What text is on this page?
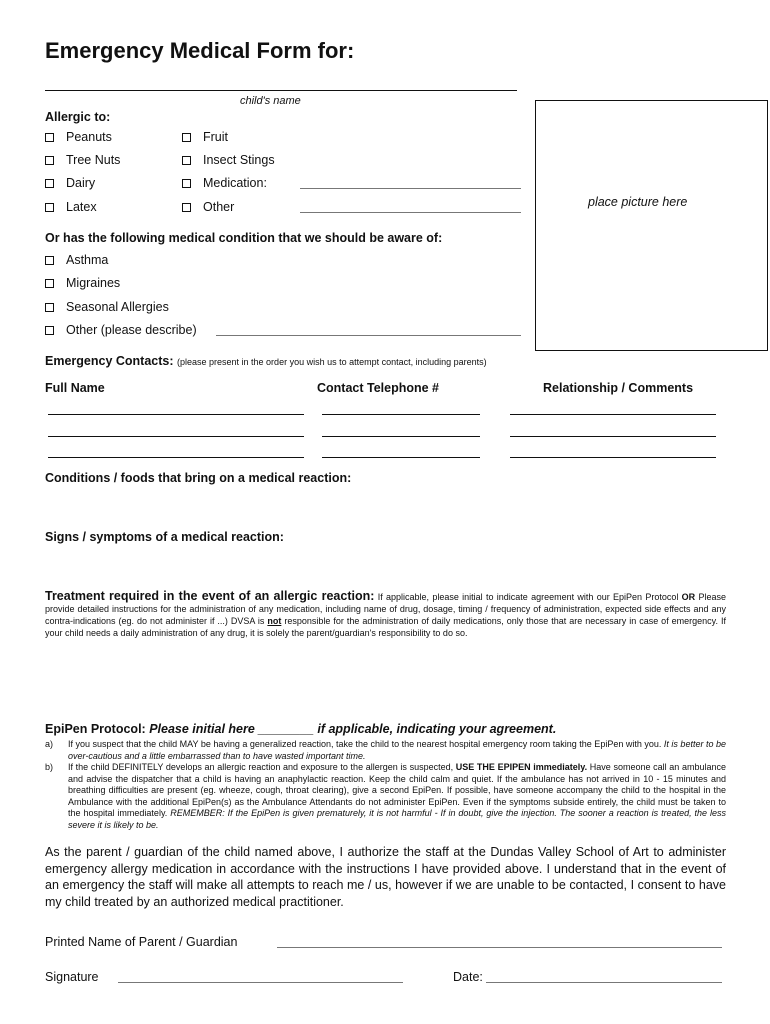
Emergency Medical Form for:
child's name
place picture here
Allergic to:
Peanuts
Tree Nuts
Dairy
Latex
Fruit
Insect Stings
Medication:
Other
Or has the following medical condition that we should be aware of:
Asthma
Migraines
Seasonal Allergies
Other (please describe)
Emergency Contacts: (please present in the order you wish us to attempt contact, including parents)
Full Name	Contact Telephone #	Relationship / Comments
Conditions / foods that bring on a medical reaction:
Signs / symptoms of a medical reaction:
Treatment required in the event of an allergic reaction: If applicable, please initial to indicate agreement with our EpiPen Protocol OR Please provide detailed instructions for the administration of any medication, including name of drug, dosage, timing / frequency of administration, expected side effects and any contra-indications (eg. do not administer if ...) DVSA is not responsible for the administration of daily medications, only those that are necessary in case of emergency. If your child needs a daily administration of any drug, it is solely the parent/guardian's responsibility to do so.
EpiPen Protocol: Please initial here ________ if applicable, indicating your agreement.
a) If you suspect that the child MAY be having a generalized reaction, take the child to the nearest hospital emergency room taking the EpiPen with you. It is better to be over-cautious and a little embarrassed than to have wasted important time.
b) If the child DEFINITELY develops an allergic reaction and exposure to the allergen is suspected, USE THE EPIPEN immediately. Have someone call an ambulance and advise the dispatcher that a child is having an anaphylactic reaction. Keep the child calm and quiet. If the ambulance has not arrived in 10 - 15 minutes and breathing difficulties are present (eg. wheeze, cough, throat clearing), give a second EpiPen. If possible, have someone accompany the child to the hospital in the Ambulance with the additional EpiPen(s) as the Ambulance Attendants do not administer EpiPen. Even if the symptoms subside entirely, the child must be taken to the hospital immediately. REMEMBER: If the EpiPen is given prematurely, it is not harmful - If in doubt, give the injection. The sooner a reaction is treated, the less severe it is likely to be.
As the parent / guardian of the child named above, I authorize the staff at the Dundas Valley School of Art to administer emergency allergy medication in accordance with the instructions I have provided above. I understand that in the event of an emergency the staff will make all attempts to reach me / us, however if we are unable to be contacted, I consent to have my child treated by an authorized medical practitioner.
Printed Name of Parent / Guardian
Signature	Date:
